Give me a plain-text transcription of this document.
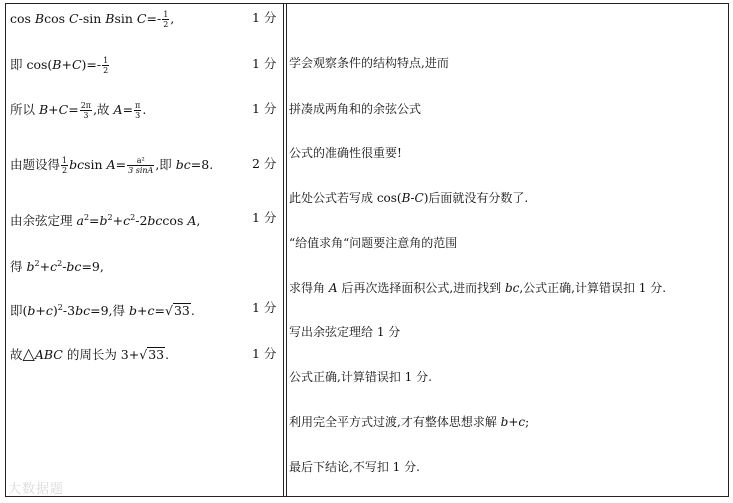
cos Bcos C-sin Bsin $C=- \frac{1}{2}$ ,
即 $\cos(B+C)=- \frac{1}{2}$
所以 $B+C= \frac{2\pi}{3}$ ,故 $A= \frac{\pi}{3}$ .
由题设得 $\frac{1}{2}$ bcsin $A= \frac{\text{a²}}{3 \sin A}$ ,即 bc=8.
由余弦定理 $a^2=b^2+c^2-2bccos$ A,
得 $b^2+c^2-bc=9$,
即$(b+c)^2-3bc=9$,得 b+c=√33.
故△ABC 的周长为 3+√33.
1 分
1 分
1 分
2 分
1 分
1 分
1 分
学会观察条件的结构特点,进而
拼凑成两角和的余弦公式
公式的准确性很重要!
此处公式若写成 cos(B-C)后面就没有分数了.
“给值求角“问题要注意角的范围
求得角 A 后再次选择面积公式,进而找到 bc,公式正确,计算错误扣 1 分.
写出余弦定理给 1 分
公式正确,计算错误扣 1 分.
利用完全平方式过渡,才有整体思想求解 b+c;
最后下结论,不写扣 1 分.
大数据题
